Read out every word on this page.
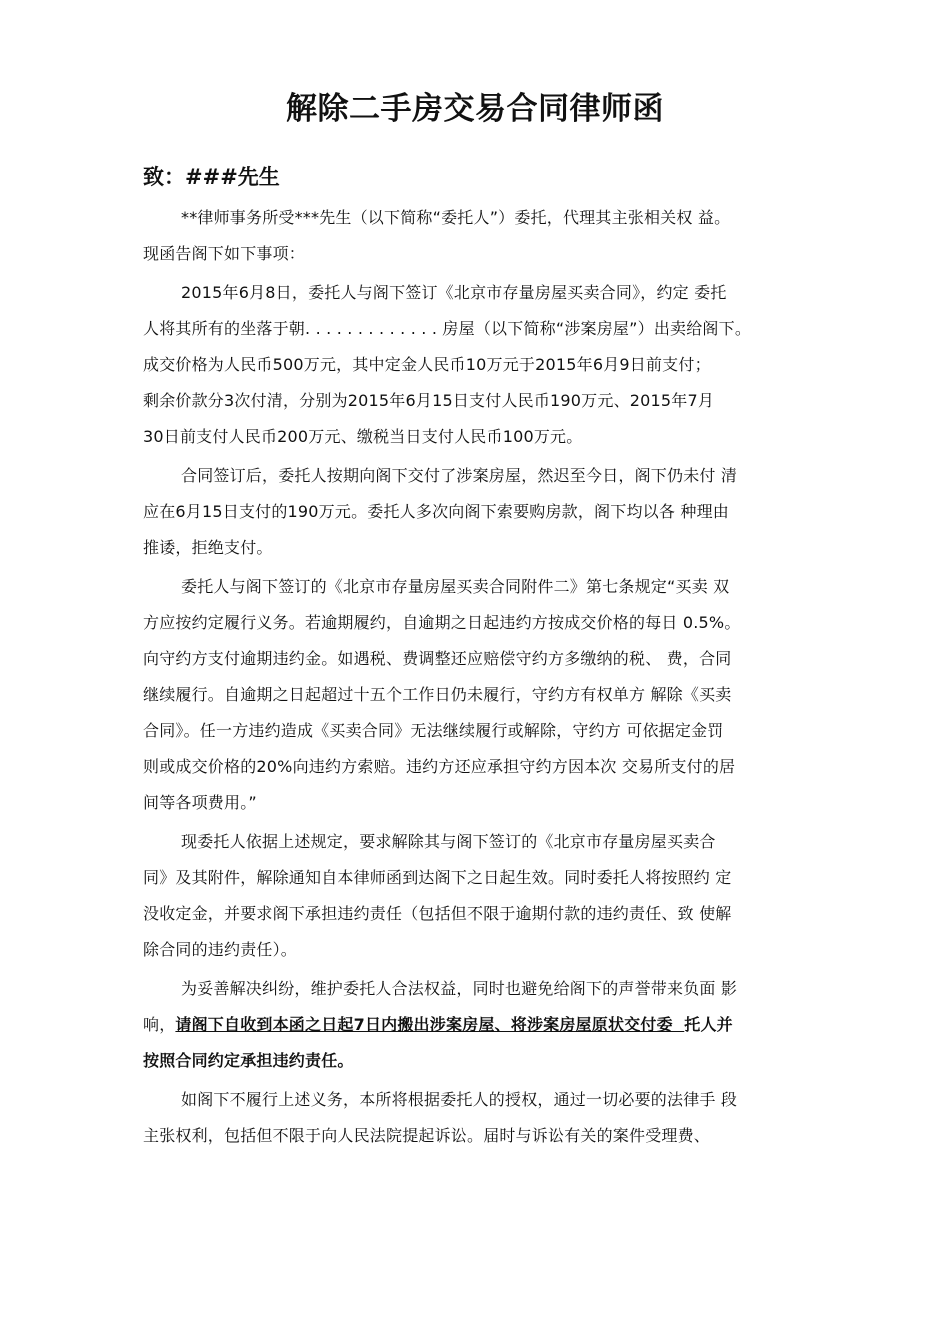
解除二手房交易合同律师函
致：###先生

**律师事务所受***先生（以下简称“委托人”）委托，代理其主张相关权 益。
现函告阁下如下事项：

2015年6月8日，委托人与阁下签订《北京市存量房屋买卖合同》，约定 委托
人将其所有的坐落于朝. . . . . . . . . . . . . 房屋（以下简称“涉案房屋”）出卖给阁下。
成交价格为人民币500万元，其中定金人民币10万元于2015年6月9日前支付；
剩余价款分3次付清，分别为2015年6月15日支付人民币190万元、2015年7月
30日前支付人民币200万元、缴税当日支付人民币100万元。

合同签订后，委托人按期向阁下交付了涉案房屋，然迟至今日，阁下仍未付 清
应在6月15日支付的190万元。委托人多次向阁下索要购房款，阁下均以各 种理由
推诿，拒绝支付。

委托人与阁下签订的《北京市存量房屋买卖合同附件二》第七条规定“买卖 双
方应按约定履行义务。若逾期履约，自逾期之日起违约方按成交价格的每日 0.5%。
向守约方支付逾期违约金。如遇税、费调整还应赔偿守约方多缴纳的税、 费，合同
继续履行。自逾期之日起超过十五个工作日仍未履行，守约方有权单方 解除《买卖
合同》。任一方违约造成《买卖合同》无法继续履行或解除，守约方 可依据定金罚
则或成交价格的20%向违约方索赔。违约方还应承担守约方因本次 交易所支付的居
间等各项费用。”

现委托人依据上述规定，要求解除其与阁下签订的《北京市存量房屋买卖合
同》及其附件，解除通知自本律师函到达阁下之日起生效。同时委托人将按照约 定
没收定金，并要求阁下承担违约责任（包括但不限于逾期付款的违约责任、致 使解
除合同的违约责任）。

为妥善解决纠纷，维护委托人合法权益，同时也避免给阁下的声誉带来负面 影
响，请阁下自收到本函之日起7日内搬出涉案房屋、将涉案房屋原状交付委  托人并
按照合同约定承担违约责任。

如阁下不履行上述义务，本所将根据委托人的授权，通过一切必要的法律手 段
主张权利，包括但不限于向人民法院提起诉讼。届时与诉讼有关的案件受理费、
